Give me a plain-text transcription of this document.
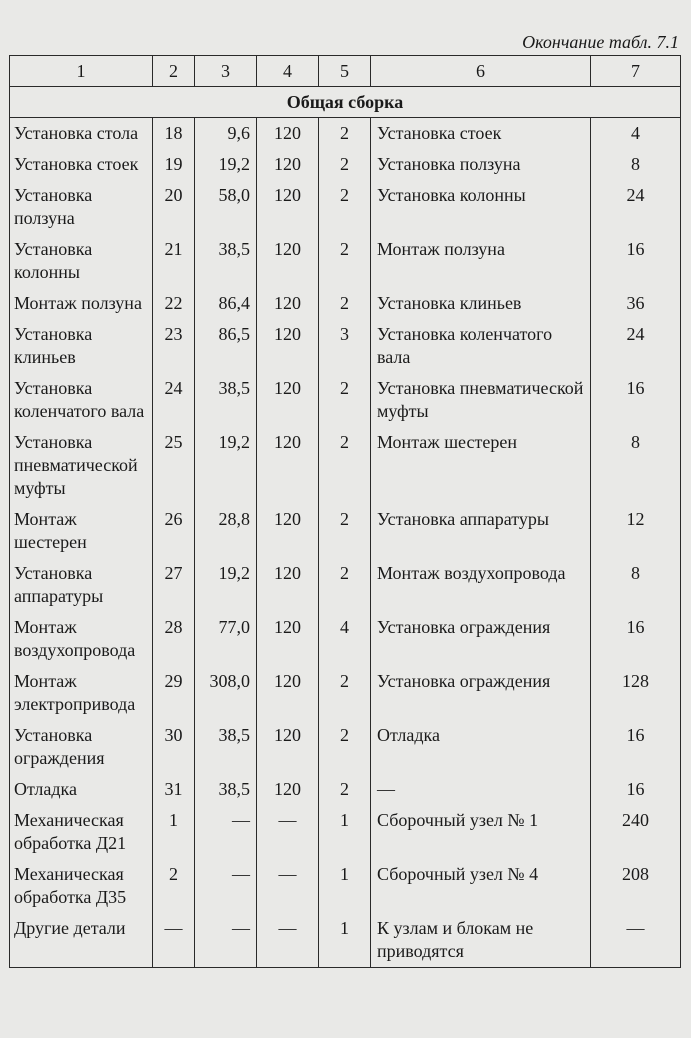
Окончание табл. 7.1
1	2	3	4	5	6	7
Общая сборка						
Установка стола	18	9,6	120	2	Установка стоек	4
Установка стоек	19	19,2	120	2	Установка ползуна	8
Установка ползуна	20	58,0	120	2	Установка колонны	24
Установка колонны	21	38,5	120	2	Монтаж ползуна	16
Монтаж ползуна	22	86,4	120	2	Установка клиньев	36
Установка клиньев	23	86,5	120	3	Установка коленчатого вала	24
Установка коленчатого вала	24	38,5	120	2	Установка пневматической муфты	16
Установка пневматической муфты	25	19,2	120	2	Монтаж шестерен	8
Монтаж шестерен	26	28,8	120	2	Установка аппаратуры	12
Установка аппаратуры	27	19,2	120	2	Монтаж воздухопровода	8
Монтаж воздухопровода	28	77,0	120	4	Установка ограждения	16
Монтаж электропривода	29	308,0	120	2	Установка ограждения	128
Установка ограждения	30	38,5	120	2	Отладка	16
Отладка	31	38,5	120	2	—	16
Механическая обработка Д21	1	—	—	1	Сборочный узел № 1	240
Механическая обработка Д35	2	—	—	1	Сборочный узел № 4	208
Другие детали	—	—	—	1	К узлам и блокам не приводятся	—
